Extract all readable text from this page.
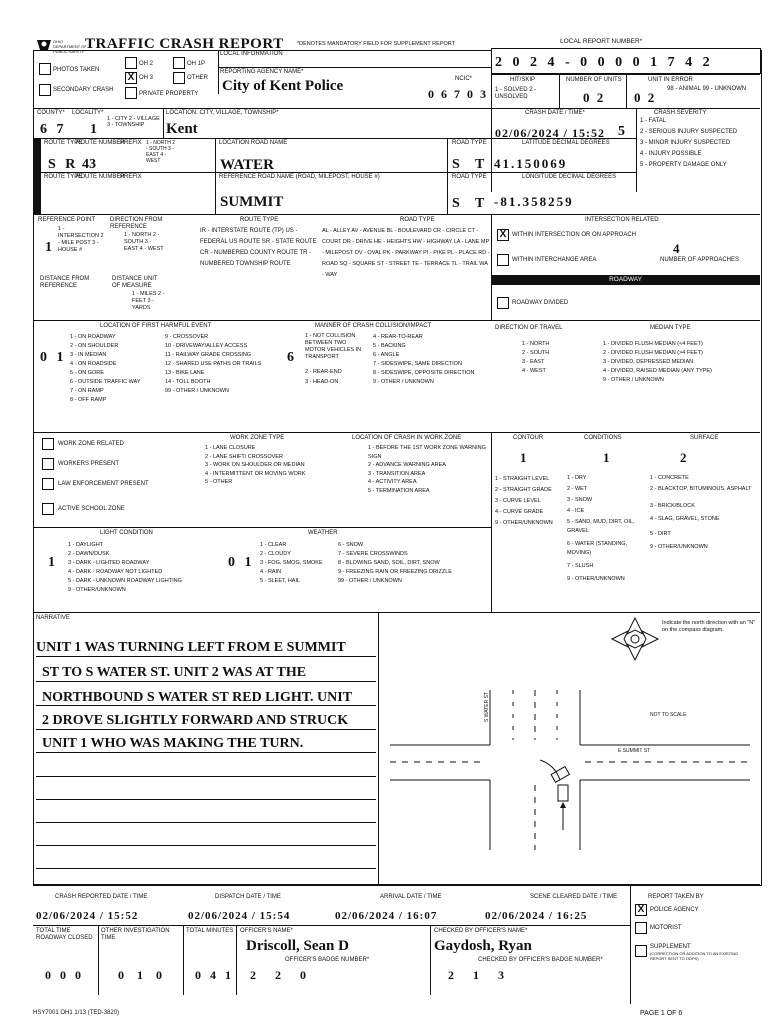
OHIO DEPARTMENT OF PUBLIC SAFETY TRAFFIC CRASH REPORT *DENOTES MANDATORY FIELD FOR SUPPLEMENT REPORT
LOCAL INFORMATION
LOCAL REPORT NUMBER*
2 0 2 4 - 0 0 0 0 1 7 4 2
PHOTOS TAKEN
SECONDARY CRASH
OH 2	OH 1P
X OH 3	OTHER
PRIVATE PROPERTY
REPORTING AGENCY NAME*
City of Kent Police	NCIC*
0 6 7 0 3
HIT/SKIP
1 - SOLVED 2 - UNSOLVED
NUMBER OF UNITS
0 2
UNIT IN ERROR
0 2
98 - ANIMAL 99 - UNKNOWN
COUNTY*
6 7
LOCALITY*
1
1 - CITY 2 - VILLAGE 3 - TOWNSHIP
LOCATION: CITY, VILLAGE, TOWNSHIP*
Kent
CRASH DATE / TIME*
02/06/2024 / 15:52 5
CRASH SEVERITY
1 - FATAL
2 - SERIOUS INJURY SUSPECTED
3 - MINOR INJURY SUSPECTED
4 - INJURY POSSIBLE
5 - PROPERTY DAMAGE ONLY
ROUTE TYPE
ROUTE NUMBER
PREFIX 1 - NORTH 2 - SOUTH 3 - EAST 4 - WEST
S R 43
LOCATION ROAD NAME
WATER
ROAD TYPE
S T
LATITUDE DECIMAL DEGREES
41.150069
ROUTE TYPE
ROUTE NUMBER
PREFIX	REFERENCE ROAD NAME (ROAD, MILEPOST, HOUSE #)
SUMMIT
ROAD TYPE
S T
LONGITUDE DECIMAL DEGREES
-81.358259
REFERENCE POINT
1
1 - INTERSECTION 2 - MILE POST 3 - HOUSE #
DIRECTION FROM REFERENCE
1 - NORTH 2 - SOUTH 3 - EAST 4 - WEST
DISTANCE FROM REFERENCE
DISTANCE UNIT OF MEASURE
1 - MILES 2 - FEET 3 - YARDS
ROUTE TYPE
IR - INTERSTATE ROUTE (TP) US - FEDERAL US ROUTE SR - STATE ROUTE CR - NUMBERED COUNTY ROUTE TR - NUMBERED TOWNSHIP ROUTE
ROAD TYPE
AL - ALLEY AV - AVENUE BL - BOULEVARD CR - CIRCLE CT - COURT DR - DRIVE HE - HEIGHTS HW - HIGHWAY LA - LANE MP - MILEPOST OV - OVAL PK - PARKWAY PI - PIKE PL - PLACE RD - ROAD SQ - SQUARE ST - STREET TE - TERRACE TL - TRAIL WA - WAY
INTERSECTION RELATED
X WITHIN INTERSECTION OR ON APPROACH
4
WITHIN INTERCHANGE AREA	NUMBER OF APPROACHES
ROADWAY
ROADWAY DIVIDED
LOCATION OF FIRST HARMFUL EVENT
0 1
1 - ON ROADWAY
2 - ON SHOULDER
3 - IN MEDIAN
4 - ON ROADSIDE
5 - ON GORE
6 - OUTSIDE TRAFFIC WAY
7 - ON RAMP
8 - OFF RAMP
9 - CROSSOVER
10 - DRIVEWAY/ALLEY ACCESS
11 - RAILWAY GRADE CROSSING
12 - SHARED USE PATHS OR TRAILS
13 - BIKE LANE
14 - TOLL BOOTH
99 - OTHER / UNKNOWN
MANNER OF CRASH COLLISION/IMPACT
6
1 - NOT COLLISION BETWEEN TWO MOTOR VEHICLES IN TRANSPORT
2 - REAR-END
3 - HEAD-ON
4 - REAR-TO-REAR
5 - BACKING
6 - ANGLE
7 - SIDESWIPE, SAME DIRECTION
8 - SIDESWIPE, OPPOSITE DIRECTION
9 - OTHER / UNKNOWN
DIRECTION OF TRAVEL
1 - NORTH
2 - SOUTH
3 - EAST
4 - WEST
MEDIAN TYPE
1 - DIVIDED FLUSH MEDIAN (<4 FEET)
2 - DIVIDED FLUSH MEDIAN (>4 FEET)
3 - DIVIDED, DEPRESSED MEDIAN
4 - DIVIDED, RAISED MEDIAN (ANY TYPE)
9 - OTHER / UNKNOWN
WORK ZONE RELATED
WORKERS PRESENT
LAW ENFORCEMENT PRESENT
ACTIVE SCHOOL ZONE
WORK ZONE TYPE
1 - LANE CLOSURE
2 - LANE SHIFT/ CROSSOVER
3 - WORK ON SHOULDER OR MEDIAN
4 - INTERMITTENT OR MOVING WORK
5 - OTHER
LOCATION OF CRASH IN WORK ZONE
1 - BEFORE THE 1ST WORK ZONE WARNING SIGN
2 - ADVANCE WARNING AREA
3 - TRANSITION AREA
4 - ACTIVITY AREA
5 - TERMINATION AREA
CONTOUR
1
CONDITIONS
1
SURFACE
2
1 - STRAIGHT LEVEL
2 - STRAIGHT GRADE
3 - CURVE LEVEL
4 - CURVE GRADE
9 - OTHER/UNKNOWN
1 - DRY
2 - WET
3 - SNOW
4 - ICE
5 - SAND, MUD, DIRT, OIL, GRAVEL
6 - WATER (STANDING, MOVING)
7 - SLUSH
9 - OTHER/UNKNOWN
1 - CONCRETE
2 - BLACKTOP, BITUMINOUS, ASPHALT
3 - BRICK/BLOCK
4 - SLAG, GRAVEL, STONE
5 - DIRT
9 - OTHER/UNKNOWN
LIGHT CONDITION
1
1 - DAYLIGHT
2 - DAWN/DUSK
3 - DARK - LIGHTED ROADWAY
4 - DARK - ROADWAY NOT LIGHTED
5 - DARK - UNKNOWN ROADWAY LIGHTING
9 - OTHER/UNKNOWN
WEATHER
0 1
1 - CLEAR
2 - CLOUDY
3 - FOG, SMOG, SMOKE
4 - RAIN
5 - SLEET, HAIL
6 - SNOW
7 - SEVERE CROSSWINDS
8 - BLOWING SAND, SOIL, DIRT, SNOW
9 - FREEZING RAIN OR FREEZING DRIZZLE
99 - OTHER / UNKNOWN
NARRATIVE
UNIT 1 WAS TURNING LEFT FROM E SUMMIT
ST TO S WATER ST. UNIT 2 WAS AT THE
NORTHBOUND S WATER ST RED LIGHT. UNIT
2 DROVE SLIGHTLY FORWARD AND STRUCK
UNIT 1 WHO WAS MAKING THE TURN.
Indicate the north direction with an "N" on the compass diagram.
S WATER ST
E SUMMIT ST
NOT TO SCALE
CRASH REPORTED DATE / TIME
02/06/2024 / 15:52
DISPATCH DATE / TIME
02/06/2024 / 15:54
ARRIVAL DATE / TIME
02/06/2024 / 16:07
SCENE CLEARED DATE / TIME
02/06/2024 / 16:25
REPORT TAKEN BY
X POLICE AGENCY
MOTORIST
SUPPLEMENT
(CORRECTION OR ADDITION TO AN EXISTING REPORT SENT TO ODPS)
TOTAL TIME ROADWAY CLOSED
0 0 0
OTHER INVESTIGATION TIME
0 1 0
TOTAL MINUTES
0 4 1
OFFICER'S NAME*
Driscoll, Sean D
OFFICER'S BADGE NUMBER*
2 2 0
CHECKED BY OFFICER'S NAME*
Gaydosh, Ryan
CHECKED BY OFFICER'S BADGE NUMBER*
2 1 3
HSY7001 OH1 1/13 (TED-3820)	PAGE 1 OF 6
